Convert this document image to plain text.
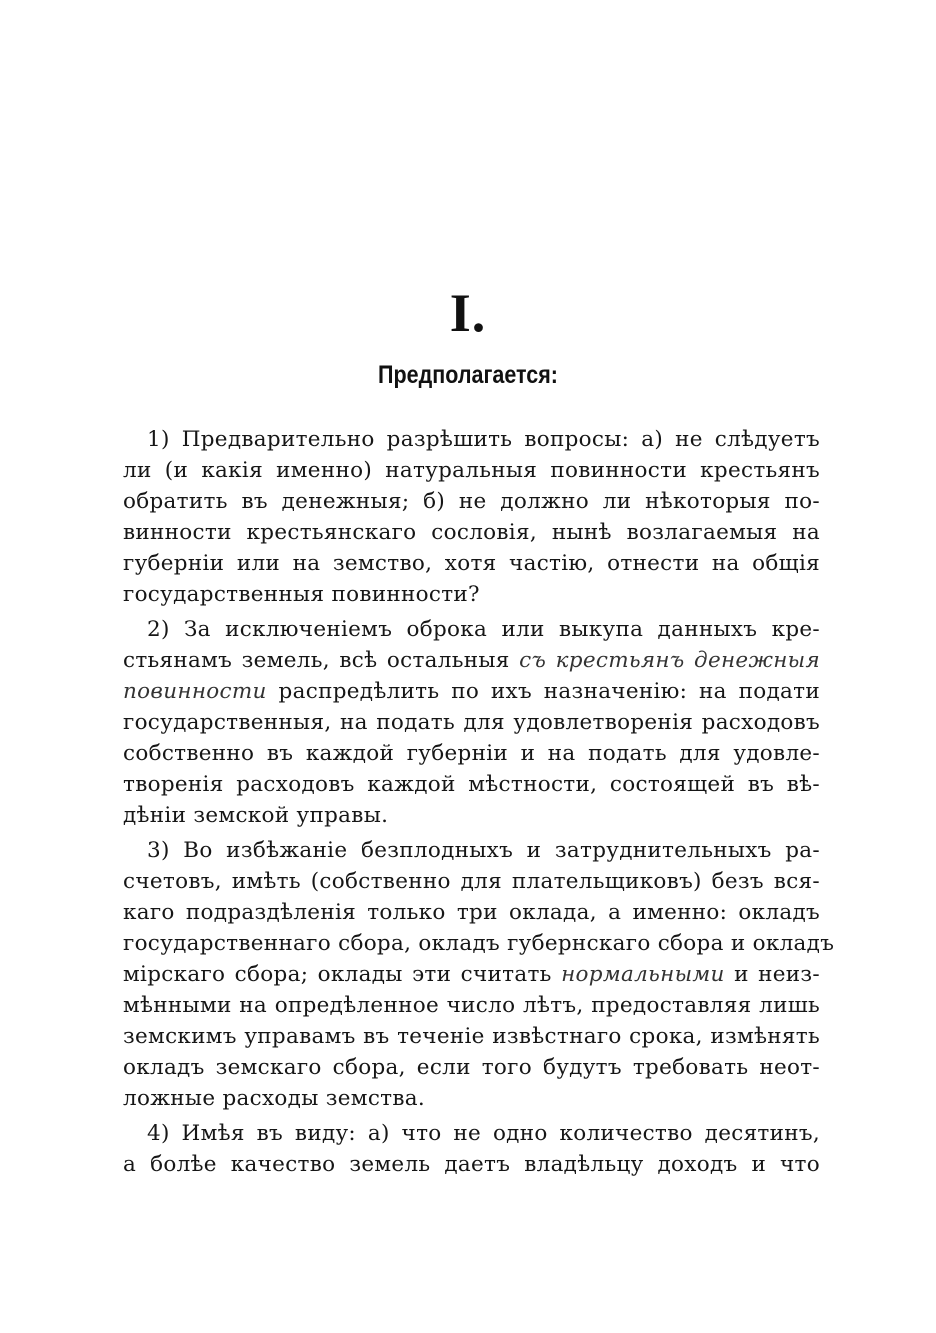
I.
Предполагается:
1) Предварительно разрѣшить вопросы: а) не слѣдуетъ
ли (и какія именно) натуральныя повинности крестьянъ
обратить въ денежныя; б) не должно ли нѣкоторыя по-
винности крестьянскаго сословія, нынѣ возлагаемыя на
губерніи или на земство, хотя частію, отнести на общія
государственныя повинности?
2) За исключеніемъ оброка или выкупа данныхъ кре-
стьянамъ земель, всѣ остальныя съ крестьянъ денежныя
повинности распредѣлить по ихъ назначенію: на подати
государственныя, на подать для удовлетворенія расходовъ
собственно въ каждой губерніи и на подать для удовле-
творенія расходовъ каждой мѣстности, состоящей въ вѣ-
дѣніи земской управы.
3) Во избѣжаніе безплодныхъ и затруднительныхъ ра-
счетовъ, имѣть (собственно для плательщиковъ) безъ вся-
каго подраздѣленія только три оклада, а именно: окладъ
государственнаго сбора, окладъ губернскаго сбора и окладъ
мірскаго сбора; оклады эти считать нормальными и неиз-
мѣнными на опредѣленное число лѣтъ, предоставляя лишь
земскимъ управамъ въ теченіе извѣстнаго срока, измѣнять
окладъ земскаго сбора, если того будутъ требовать неот-
ложные расходы земства.
4) Имѣя въ виду: а) что не одно количество десятинъ,
а болѣе качество земель даетъ владѣльцу доходъ и что
